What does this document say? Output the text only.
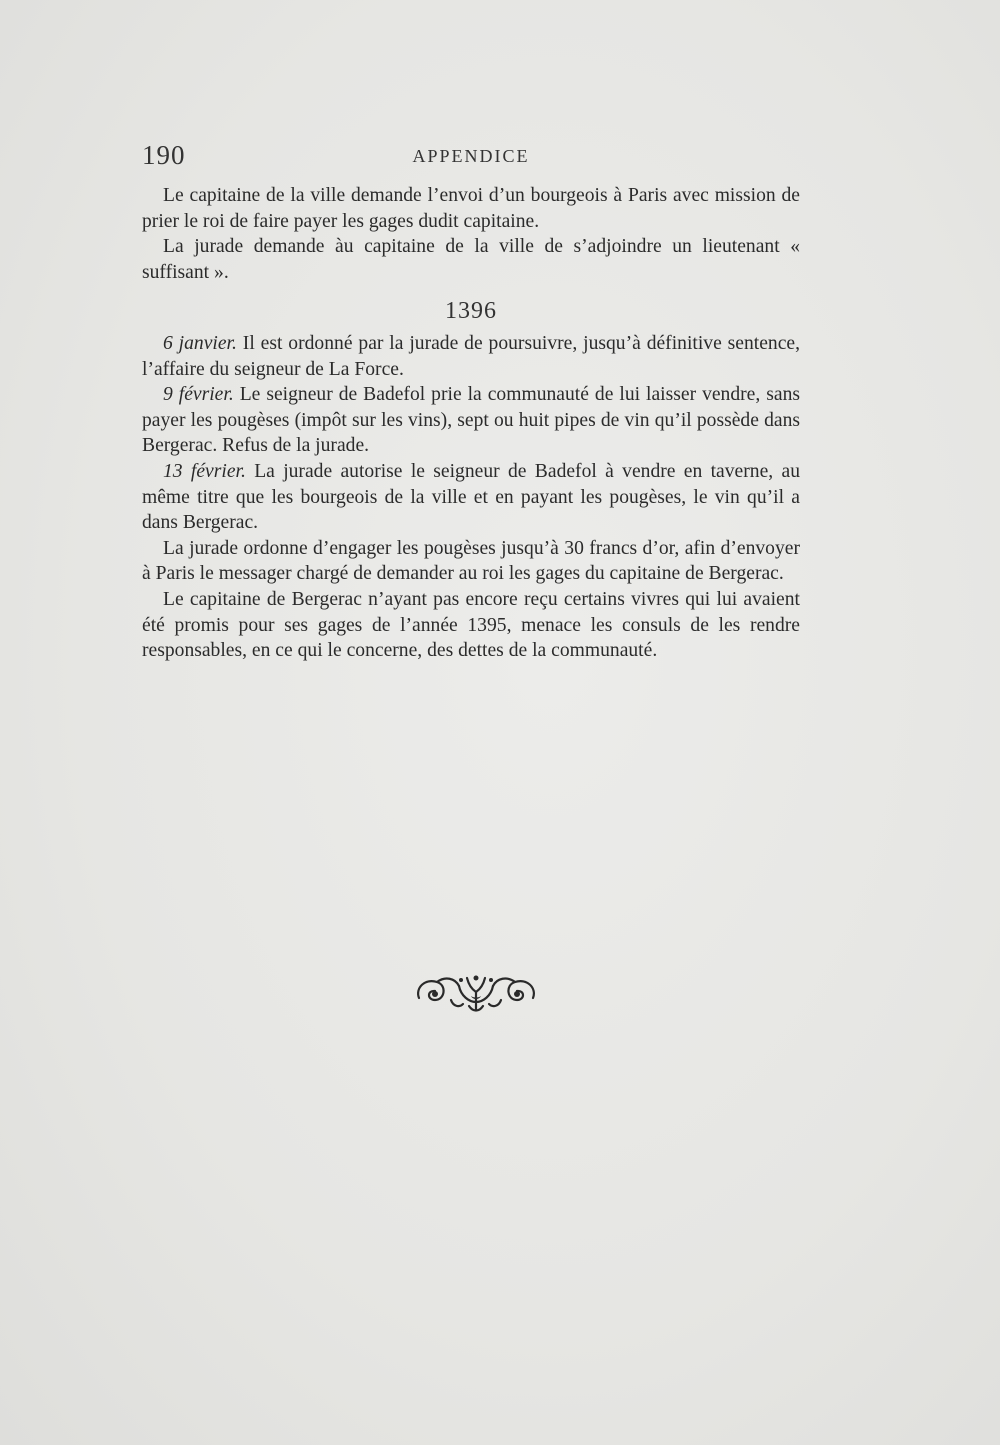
190	APPENDICE

Le capitaine de la ville demande l’envoi d’un bourgeois à Paris avec mission de prier le roi de faire payer les gages dudit capitaine.

La jurade demande àu capitaine de la ville de s’adjoindre un lieutenant « suffisant ».

1396

6 janvier. Il est ordonné par la jurade de poursuivre, jusqu’à définitive sentence, l’affaire du seigneur de La Force.

9 février. Le seigneur de Badefol prie la communauté de lui laisser vendre, sans payer les pougèses (impôt sur les vins), sept ou huit pipes de vin qu’il possède dans Bergerac. Refus de la jurade.

13 février. La jurade autorise le seigneur de Badefol à vendre en taverne, au même titre que les bourgeois de la ville et en payant les pougèses, le vin qu’il a dans Bergerac.

La jurade ordonne d’engager les pougèses jusqu’à 30 francs d’or, afin d’envoyer à Paris le messager chargé de demander au roi les gages du capitaine de Bergerac.

Le capitaine de Bergerac n’ayant pas encore reçu certains vivres qui lui avaient été promis pour ses gages de l’année 1395, menace les consuls de les rendre responsables, en ce qui le concerne, des dettes de la communauté.
